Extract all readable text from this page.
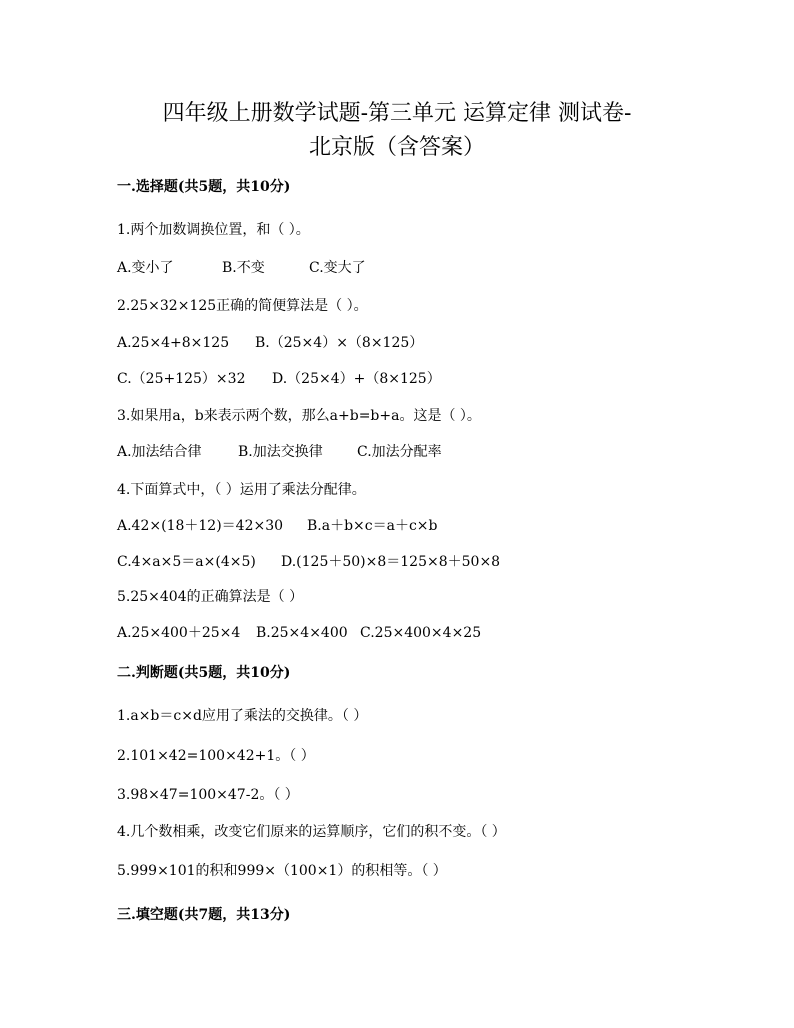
四年级上册数学试题-第三单元 运算定律 测试卷-
北京版（含答案）
一.选择题(共5题，共10分)
1.两个加数调换位置，和（ ）。
A.变小了	B.不变	C.变大了
2.25×32×125正确的简便算法是（ ）。
A.25×4+8×125 B.（25×4）×（8×125）
C.（25+125）×32 D.（25×4）+（8×125）
3.如果用a，b来表示两个数，那么a+b=b+a。这是（ ）。
A.加法结合律	B.加法交换律 C.加法分配率
4.下面算式中，（ ）运用了乘法分配律。
A.42×(18＋12)＝42×30 B.a＋b×c＝a＋c×b
C.4×a×5＝a×(4×5) D.(125＋50)×8＝125×8＋50×8
5.25×404的正确算法是（ ）
A.25×400＋25×4 B.25×4×400 C.25×400×4×25
二.判断题(共5题，共10分)
1.a×b＝c×d应用了乘法的交换律。（ ）
2.101×42=100×42+1。（ ）
3.98×47=100×47-2。（ ）
4.几个数相乘，改变它们原来的运算顺序，它们的积不变。（ ）
5.999×101的积和999×（100×1）的积相等。（ ）
三.填空题(共7题，共13分)
